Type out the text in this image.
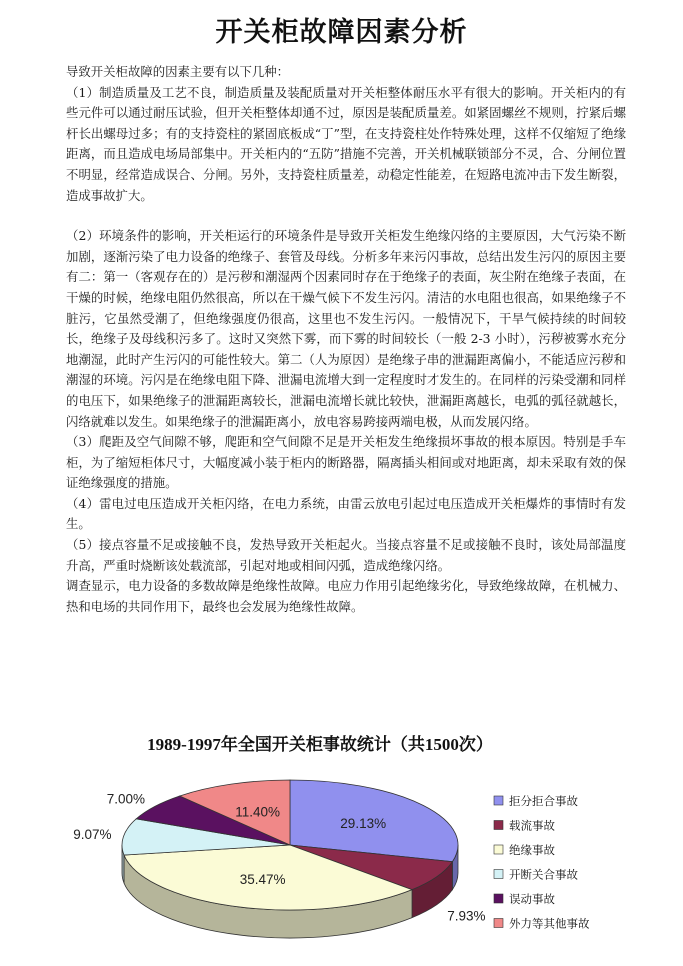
开关柜故障因素分析

导致开关柜故障的因素主要有以下几种：

（1）制造质量及工艺不良，制造质量及装配质量对开关柜整体耐压水平有很大的影响。开关柜内的有些元件可以通过耐压试验，但开关柜整体却通不过，原因是装配质量差。如紧固螺丝不规则，拧紧后螺杆长出螺母过多；有的支持瓷柱的紧固底板成“丁”型，在支持瓷柱处作特殊处理，这样不仅缩短了绝缘距离，而且造成电场局部集中。开关柜内的“五防”措施不完善，开关机械联锁部分不灵，合、分闸位置不明显，经常造成误合、分闸。另外，支持瓷柱质量差，动稳定性能差，在短路电流冲击下发生断裂，造成事故扩大。

（2）环境条件的影响，开关柜运行的环境条件是导致开关柜发生绝缘闪络的主要原因，大气污染不断加剧，逐渐污染了电力设备的绝缘子、套管及母线。分析多年来污闪事故，总结出发生污闪的原因主要有二：第一（客观存在的）是污秽和潮湿两个因素同时存在于绝缘子的表面，灰尘附在绝缘子表面，在干燥的时候，绝缘电阻仍然很高，所以在干燥气候下不发生污闪。清洁的水电阻也很高，如果绝缘子不脏污，它虽然受潮了，但绝缘强度仍很高，这里也不发生污闪。一般情况下，干旱气候持续的时间较长，绝缘子及母线积污多了。这时又突然下雾，而下雾的时间较长（一般 2-3 小时），污秽被雾水充分地潮湿，此时产生污闪的可能性较大。第二（人为原因）是绝缘子串的泄漏距离偏小，不能适应污秽和潮湿的环境。污闪是在绝缘电阻下降、泄漏电流增大到一定程度时才发生的。在同样的污染受潮和同样的电压下，如果绝缘子的泄漏距离较长，泄漏电流增长就比较快，泄漏距离越长，电弧的弧径就越长，闪络就难以发生。如果绝缘子的泄漏距离小，放电容易跨接两端电极，从而发展闪络。

（3）爬距及空气间隙不够，爬距和空气间隙不足是开关柜发生绝缘损坏事故的根本原因。特别是手车柜，为了缩短柜体尺寸，大幅度减小装于柜内的断路器，隔离插头相间或对地距离，却未采取有效的保证绝缘强度的措施。

（4）雷电过电压造成开关柜闪络，在电力系统，由雷云放电引起过电压造成开关柜爆炸的事情时有发生。

（5）接点容量不足或接触不良，发热导致开关柜起火。当接点容量不足或接触不良时，该处局部温度升高，严重时烧断该处载流部，引起对地或相间闪弧，造成绝缘闪络。

调查显示，电力设备的多数故障是绝缘性故障。电应力作用引起绝缘劣化，导致绝缘故障，在机械力、热和电场的共同作用下，最终也会发展为绝缘性故障。

1989-1997年全国开关柜事故统计（共1500次）
29.13%
7.93%
35.47%
9.07%
7.00%
11.40%
拒分拒合事故
载流事故
绝缘事故
开断关合事故
误动事故
外力等其他事故
